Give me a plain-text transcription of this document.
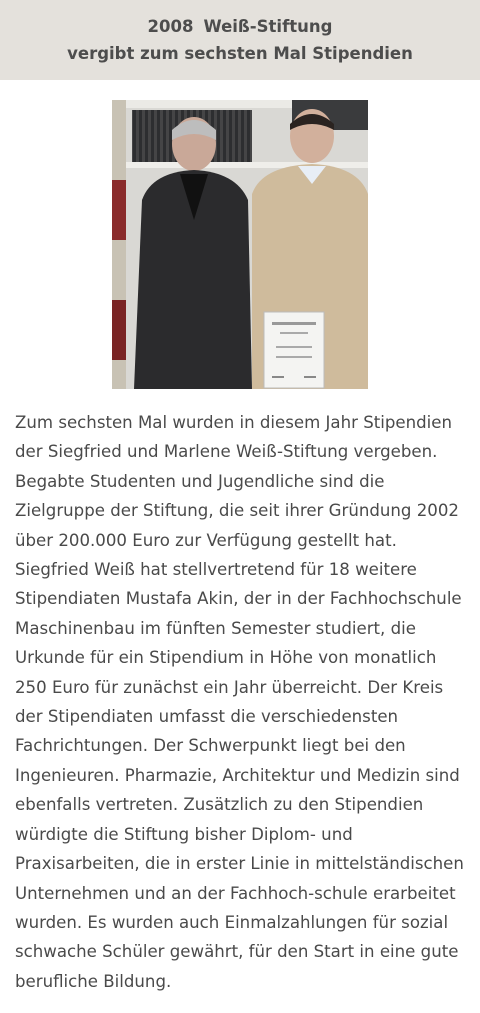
2008 Weiß-Stiftung
vergibt zum sechsten Mal Stipendien

Zum sechsten Mal wurden in diesem Jahr Stipendien der Siegfried und Marlene Weiß-Stiftung vergeben. Begabte Studenten und Jugendliche sind die Zielgruppe der Stiftung, die seit ihrer Gründung 2002 über 200.000 Euro zur Verfügung gestellt hat. Siegfried Weiß hat stellvertretend für 18 weitere Stipendiaten Mustafa Akin, der in der Fachhochschule Maschinenbau im fünften Semester studiert, die Urkunde für ein Stipendium in Höhe von monatlich 250 Euro für zunächst ein Jahr überreicht. Der Kreis der Stipendiaten umfasst die verschiedensten Fachrichtungen. Der Schwerpunkt liegt bei den Ingenieuren. Pharmazie, Architektur und Medizin sind ebenfalls vertreten. Zusätzlich zu den Stipendien würdigte die Stiftung bisher Diplom- und Praxisarbeiten, die in erster Linie in mittelständischen Unternehmen und an der Fachhoch-schule erarbeitet wurden. Es wurden auch Einmalzahlungen für sozial schwache Schüler gewährt, für den Start in eine gute berufliche Bildung.
